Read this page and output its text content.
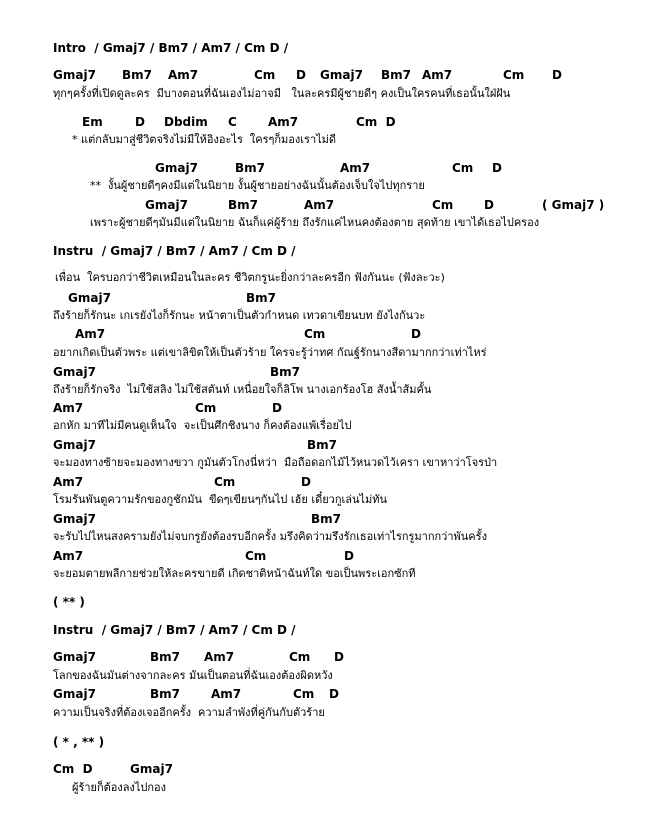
Intro  / Gmaj7 / Bm7 / Am7 / Cm D /
Gmaj7 Bm7 Am7	Cm D Gmaj7 Bm7 Am7	Cm D
ทุกๆครั้งที่เปิดดูละคร  มีบางตอนที่ฉันเองไม่อาจมี   ในละครมีผู้ชายดีๆ คงเป็นใครคนที่เธอนั้นใฝ่ฝัน
Em	D Dbdim C	Am7	Cm  D
* แต่กลับมาสู่ชีวิตจริงไม่มีให้อิงอะไร  ใครๆก็มองเราไม่ดี
Gmaj7	Bm7	Am7	Cm D
**  งั้นผู้ชายดีๆคงมีแต่ในนิยาย งั้นผู้ชายอย่างฉันนั้นต้องเจ็บใจไปทุกราย
Gmaj7	Bm7	Am7	Cm	D	( Gmaj7 )
เพราะผู้ชายดีๆมันมีแต่ในนิยาย ฉันก็แค่ผู้ร้าย ถึงรักแค่ไหนคงต้องตาย สุดท้าย เขาได้เธอไปครอง
Instru  / Gmaj7 / Bm7 / Am7 / Cm D /
เพื่อน  ใครบอกว่าชีวิตเหมือนในละคร ชีวิตกรูนะยิ่งกว่าละครอีก ฟังกันนะ (ฟังละวะ)
Gmaj7	Bm7
ถึงร้ายก็รักนะ เกเรยังไงก็รักนะ หน้าตาเป็นตัวกำหนด เทวดาเขียนบท ยังไงกันวะ
Am7	Cm	D
อยากเกิดเป็นตัวพระ แต่เขาลิขิตให้เป็นตัวร้าย ใครจะรู้ว่าทศ กัณฐ์รักนางสีดามากกว่าเท่าไหร่
Gmaj7	Bm7
ถึงร้ายก็รักจริง  ไม่ใช้สลิง ไม่ใช้สตันท์ เหนื่อยใจก็ลิโพ นางเอกร้องโฮ สังน้ำส้มคั้น
Am7	Cm	D
อกหัก มาทีไม่มีคนดูเห็นใจ  จะเป็นศึกชิงนาง ก็คงต้องแพ้เรื่อยไป
Gmaj7	Bm7
จะมองทางซ้ายจะมองทางขวา กูมันตัวโกงนี่หว่า  มือถือดอกไม้ไว้หนวดไว้เครา เขาหาว่าโจรป่า
Am7	Cm	D
โรมรันพันตูความรักของกูชักมัน  ขีดๆเขียนๆกันไป เฮ้ย เดี๋ยวกูเล่นไม่ทัน
Gmaj7	Bm7
จะรับไปไหนสงครามยังไม่จบกรูยังต้องรบอีกครั้ง มรึงคิดว่ามรึงรักเธอเท่าไรกรูมากกว่าพันครั้ง
Am7	Cm	D
จะยอมตายพลีกายช่วยให้ละครขายดี เกิดชาติหน้าฉันท์ใด ขอเป็นพระเอกซักที
( ** )
Instru  / Gmaj7 / Bm7 / Am7 / Cm D /
Gmaj7	Bm7 Am7	Cm D
โลกของฉันมันต่างจากละคร มันเป็นตอนที่ฉันเองต้องผิดหวัง
Gmaj7	Bm7	Am7	Cm D
ความเป็นจริงที่ต้องเจออีกครั้ง  ความลำพังที่คู่กันกับตัวร้าย
( * , ** )
Cm  D	Gmaj7
ผู้ร้ายก็ต้องลงไปกอง
